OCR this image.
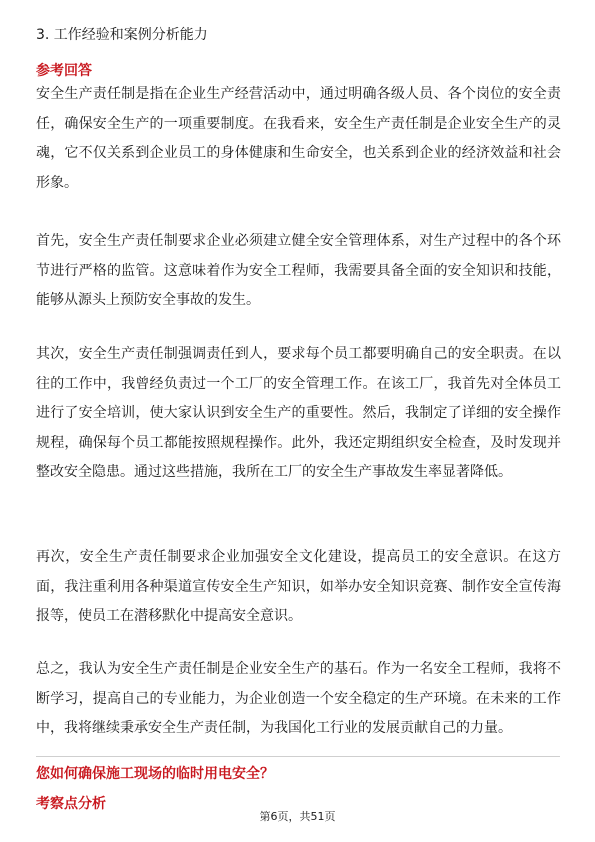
3. 工作经验和案例分析能力
参考回答
安全生产责任制是指在企业生产经营活动中，通过明确各级人员、各个岗位的安全责任，确保安全生产的一项重要制度。在我看来，安全生产责任制是企业安全生产的灵魂，它不仅关系到企业员工的身体健康和生命安全，也关系到企业的经济效益和社会形象。
首先，安全生产责任制要求企业必须建立健全安全管理体系，对生产过程中的各个环节进行严格的监管。这意味着作为安全工程师，我需要具备全面的安全知识和技能，能够从源头上预防安全事故的发生。
其次，安全生产责任制强调责任到人，要求每个员工都要明确自己的安全职责。在以往的工作中，我曾经负责过一个工厂的安全管理工作。在该工厂，我首先对全体员工进行了安全培训，使大家认识到安全生产的重要性。然后，我制定了详细的安全操作规程，确保每个员工都能按照规程操作。此外，我还定期组织安全检查，及时发现并整改安全隐患。通过这些措施，我所在工厂的安全生产事故发生率显著降低。
再次，安全生产责任制要求企业加强安全文化建设，提高员工的安全意识。在这方面，我注重利用各种渠道宣传安全生产知识，如举办安全知识竞赛、制作安全宣传海报等，使员工在潜移默化中提高安全意识。
总之，我认为安全生产责任制是企业安全生产的基石。作为一名安全工程师，我将不断学习，提高自己的专业能力，为企业创造一个安全稳定的生产环境。在未来的工作中，我将继续秉承安全生产责任制，为我国化工行业的发展贡献自己的力量。
您如何确保施工现场的临时用电安全？
考察点分析
第6页，共51页
